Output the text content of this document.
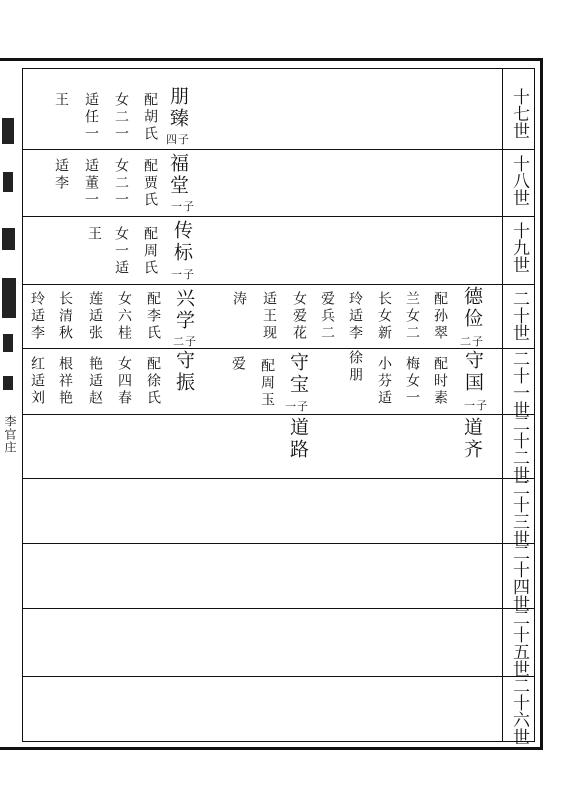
李官庄
十七世
十八世
十九世
二十世
二十一世
二十二世
二十三世
二十四世
二十五世
二十六世
朋臻
四子
配胡氏
女二一
适任一
王
福堂
一子
配贾氏
女二一
适董一
适李
传标
一子
配周氏
女一适
王
德俭
二子
配孙翠
兰女二
长女新
玲适李
爱兵二
女爱花
适王现
涛
兴学
二子
配李氏
女六桂
莲适张
长清秋
玲适李
守国
一子
配时素
梅女一
小芬适
徐朋
守宝
一子
配周玉
爱
守振
配徐氏
女四春
艳适赵
根祥艳
红适刘
道齐
道路
